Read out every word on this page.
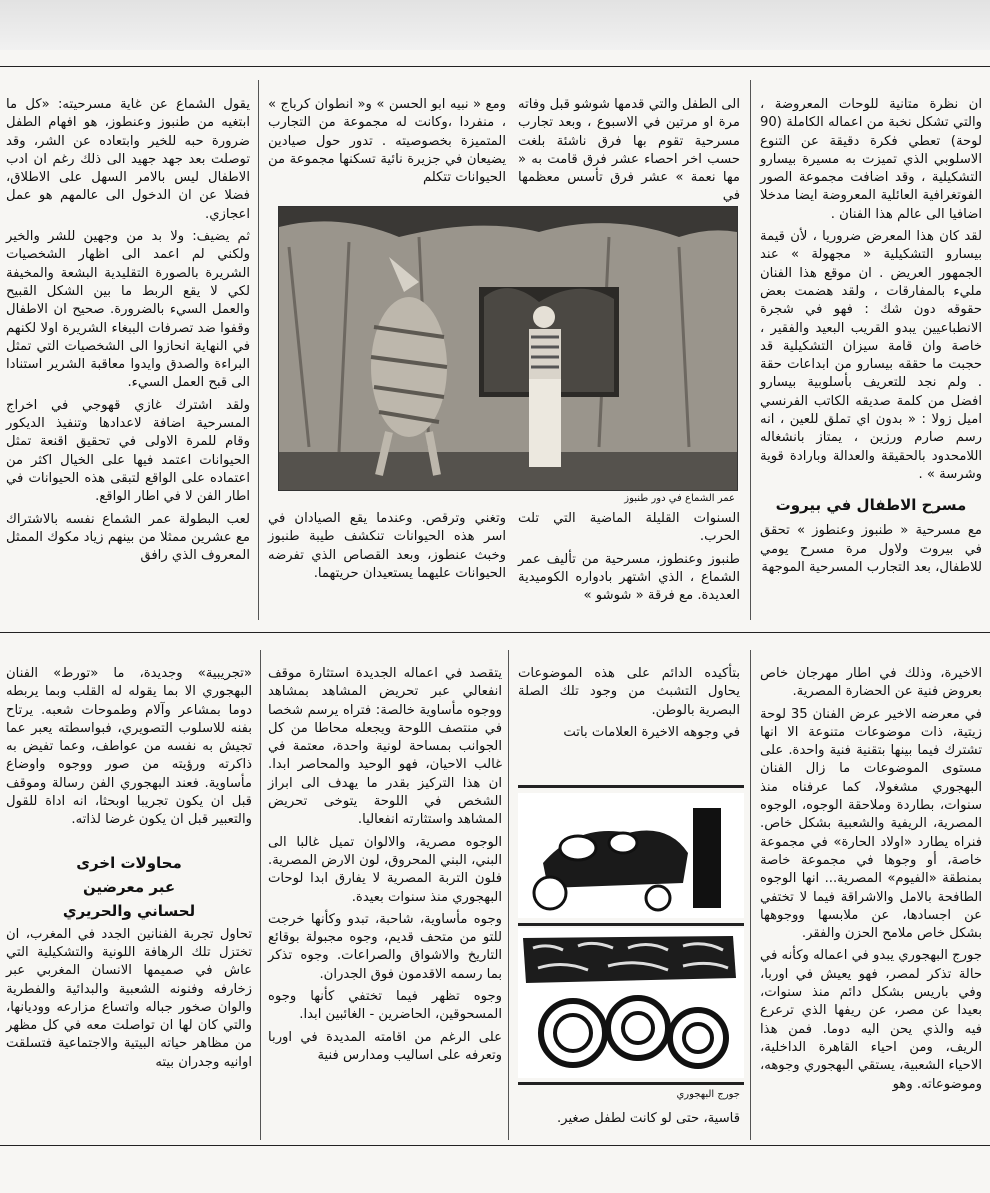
ان نظرة متانية للوحات المعروضة ، والتي تشكل نخبة من اعماله الكاملة (90 لوحة) تعطي فكرة دقيقة عن التنوع الاسلوبي الذي تميزت به مسيرة بيسارو التشكيلية ، وقد اضافت مجموعة الصور الفوتغرافية العائلية المعروضة ايضا مدخلا اضافيا الى عالم هذا الفنان .

لقد كان هذا المعرض ضروريا ، لأن قيمة بيسارو التشكيلية « مجهولة » عند الجمهور العريض . ان موقع هذا الفنان مليء بالمفارقات ، ولقد هضمت بعض حقوقه دون شك : فهو في شجرة الانطباعيين يبدو القريب البعيد والفقير ، خاصة وان قامة سيزان التشكيلية قد حجبت ما حققه بيسارو من ابداعات حقة . ولم نجد للتعريف بأسلوبية بيسارو افضل من كلمة صديقه الكاتب الفرنسي اميل زولا : « بدون اي تملق للعين ، انه رسم صارم ورزين ، يمتاز بانشغاله اللامحدود بالحقيقة والعدالة وبارادة قوية وشرسة » .

مسرح الاطفال في بيروت

مع مسرحية « طنبوز وعنطوز » تحقق في بيروت ولاول مرة مسرح يومي للاطفال، بعد التجارب المسرحية الموجهة

الى الطفل والتي قدمها شوشو قبل وفاته مرة او مرتين في الاسبوع ، وبعد تجارب مسرحية تقوم بها فرق ناشئة بلغت حسب اخر احصاء عشر فرق قامت به « مها نعمة » عشر فرق تأسس معظمها في

ومع « نبيه ابو الحسن » و« انطوان كرباج » ، منفردا ،وكانت له مجموعة من التجارب المتميزة بخصوصيته . تدور حول صيادين يضيعان في جزيرة نائية تسكنها مجموعة من الحيوانات تتكلم

عمر الشماع في دور طنبوز

السنوات القليلة الماضية التي تلت الحرب.

طنبوز وعنطوز، مسرحية من تأليف عمر الشماع ، الذي اشتهر بادواره الكوميدية العديدة. مع فرقة « شوشو »

وتغني وترقص. وعندما يقع الصيادان في اسر هذه الحيوانات تنكشف طيبة طنبوز وخبث عنطوز، وبعد القصاص الذي تفرضه الحيوانات عليهما يستعيدان حريتهما.

يقول الشماع عن غاية مسرحيته: «كل ما ابتغيه من طنبوز وعنطوز، هو افهام الطفل ضرورة حبه للخير وابتعاده عن الشر، وقد توصلت بعد جهد جهيد الى ذلك رغم ان ادب الاطفال ليس بالامر السهل على الاطلاق، فضلا عن ان الدخول الى عالمهم هو عمل اعجازي.

ثم يضيف: ولا بد من وجهين للشر والخير ولكني لم اعمد الى اظهار الشخصيات الشريرة بالصورة التقليدية البشعة والمخيفة لكي لا يقع الربط ما بين الشكل القبيح والعمل السيء بالضرورة. صحيح ان الاطفال وقفوا ضد تصرفات الببغاء الشريرة اولا لكنهم في النهاية انحازوا الى الشخصيات التي تمثل البراءة والصدق وايدوا معاقبة الشرير استنادا الى قبح العمل السيء.

ولقد اشترك غازي قهوجي في اخراج المسرحية اضافة لاعدادها وتنفيذ الديكور وقام للمرة الاولى في تحقيق اقنعة تمثل الحيوانات اعتمد فيها على الخيال اكثر من اعتماده على الواقع لتبقى هذه الحيوانات في اطار الفن لا في اطار الواقع.

لعب البطولة عمر الشماع نفسه بالاشتراك مع عشرين ممثلا من بينهم زياد مكوك الممثل المعروف الذي رافق

الاخيرة، وذلك في اطار مهرجان خاص بعروض فنية عن الحضارة المصرية.

في معرضه الاخير عرض الفنان 35 لوحة زيتية، ذات موضوعات متنوعة الا انها تشترك فيما بينها بتقنية فنية واحدة. على مستوى الموضوعات ما زال الفنان البهجوري مشغولا، كما عرفناه منذ سنوات، بطاردة وملاحقة الوجوه، الوجوه المصرية، الريفية والشعبية بشكل خاص. فنراه يطارد «اولاد الحارة» في مجموعة خاصة، أو وجوها في مجموعة خاصة بمنطقة «الفيوم» المصرية... انها الوجوه الطافحة بالامل والاشراقة فيما لا تختفي عن اجسادها، عن ملابسها ووجوهها بشكل خاص ملامح الحزن والفقر.

جورج البهجوري يبدو في اعماله وكأنه في حالة تذكر لمصر، فهو يعيش في اوربا، وفي باريس بشكل دائم منذ سنوات، بعيدا عن مصر، عن ريفها الذي ترعرع فيه والذي يحن اليه دوما. فمن هذا الريف، ومن احياء القاهرة الداخلية، الاحياء الشعبية، يستقي البهجوري وجوهه، وموضوعاته. وهو

بتأكيده الدائم على هذه الموضوعات يحاول التشبث من وجود تلك الصلة البصرية بالوطن.

في وجوهه الاخيرة العلامات باتت

جورج البهجوري

قاسية، حتى لو كانت لطفل صغير.

يتقصد في اعماله الجديدة استثارة موقف انفعالي عبر تحريض المشاهد بمشاهد ووجوه مأساوية خالصة: فتراه يرسم شخصا في منتصف اللوحة ويجعله محاطا من كل الجوانب بمساحة لونية واحدة، معتمة في غالب الاحيان، فهو الوحيد والمحاصر ابدا. ان هذا التركيز بقدر ما يهدف الى ابراز الشخص في اللوحة يتوخى تحريض المشاهد واستثارته انفعاليا.

الوجوه مصرية، والالوان تميل غالبا الى البني، البني المحروق، لون الارض المصرية. فلون التربة المصرية لا يفارق ابدا لوحات البهجوري منذ سنوات بعيدة.

وجوه مأساوية، شاحبة، تبدو وكأنها خرجت للتو من متحف قديم، وجوه مجبولة بوقائع التاريخ والاشواق والصراعات. وجوه تذكر بما رسمه الاقدمون فوق الجدران.

وجوه تظهر فيما تختفي كأنها وجوه المسحوقين، الحاضرين - الغائبين ابدا.

على الرغم من اقامته المديدة في اوربا وتعرفه على اساليب ومدارس فنية

«تجريبية» وجديدة، ما «تورط» الفنان البهجوري الا بما يقوله له القلب وبما يربطه دوما بمشاعر وآلام وطموحات شعبه. يرتاح بفنه للاسلوب التصويري، فبواسطته يعبر عما تجيش به نفسه من عواطف، وعما تفيض به ذاكرته ورؤيته من صور ووجوه واوضاع مأساوية. فعند البهجوري الفن رسالة وموقف قبل ان يكون تجريبا اوبحثا، انه اداة للقول والتعبير قبل ان يكون غرضا لذاته.

محاولات اخرى
عبر معرضين
لحساني والحريري

تحاول تجربة الفنانين الجدد في المغرب، ان تختزل تلك الرهافة اللونية والتشكيلية التي عاش في صميمها الانسان المغربي عبر زخارفه وفنونه الشعبية والبدائية والفطرية والوان صخور جباله واتساع مزارعه ووديانها، والتي كان لها ان تواصلت معه في كل مظهر من مظاهر حياته البيتية والاجتماعية فتسلقت اوانيه وجدران بيته
